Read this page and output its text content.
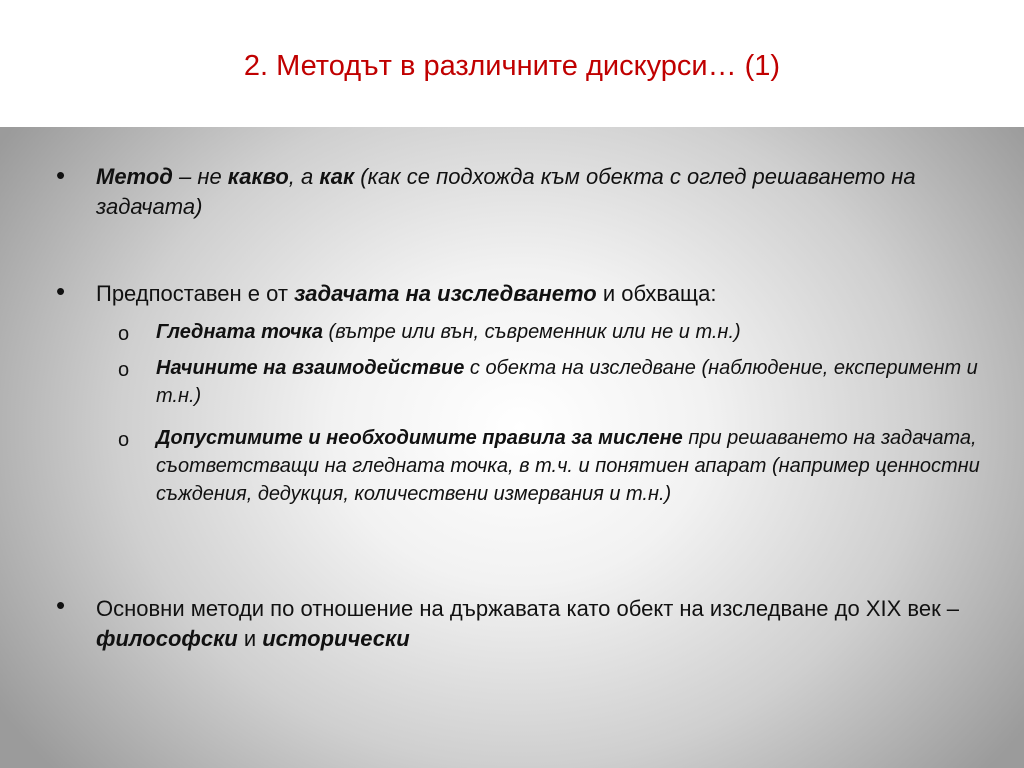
2. Методът в различните дискурси… (1)
• Метод – не какво, а как (как се подхожда към обекта с оглед решаването на задачата)
• Предпоставен е от задачата на изследването и обхваща:
o Гледната точка (вътре или вън, съвременник или не и т.н.)
o Начините на взаимодействие с обекта на изследване (наблюдение, експеримент и т.н.)
o Допустимите и необходимите правила за мислене при решаването на задачата, съответстващи на гледната точка, в т.ч. и понятиен апарат (например ценностни съждения, дедукция, количествени измервания и т.н.)
• Основни методи по отношение на държавата като обект на изследване до XIX век – философски и исторически
